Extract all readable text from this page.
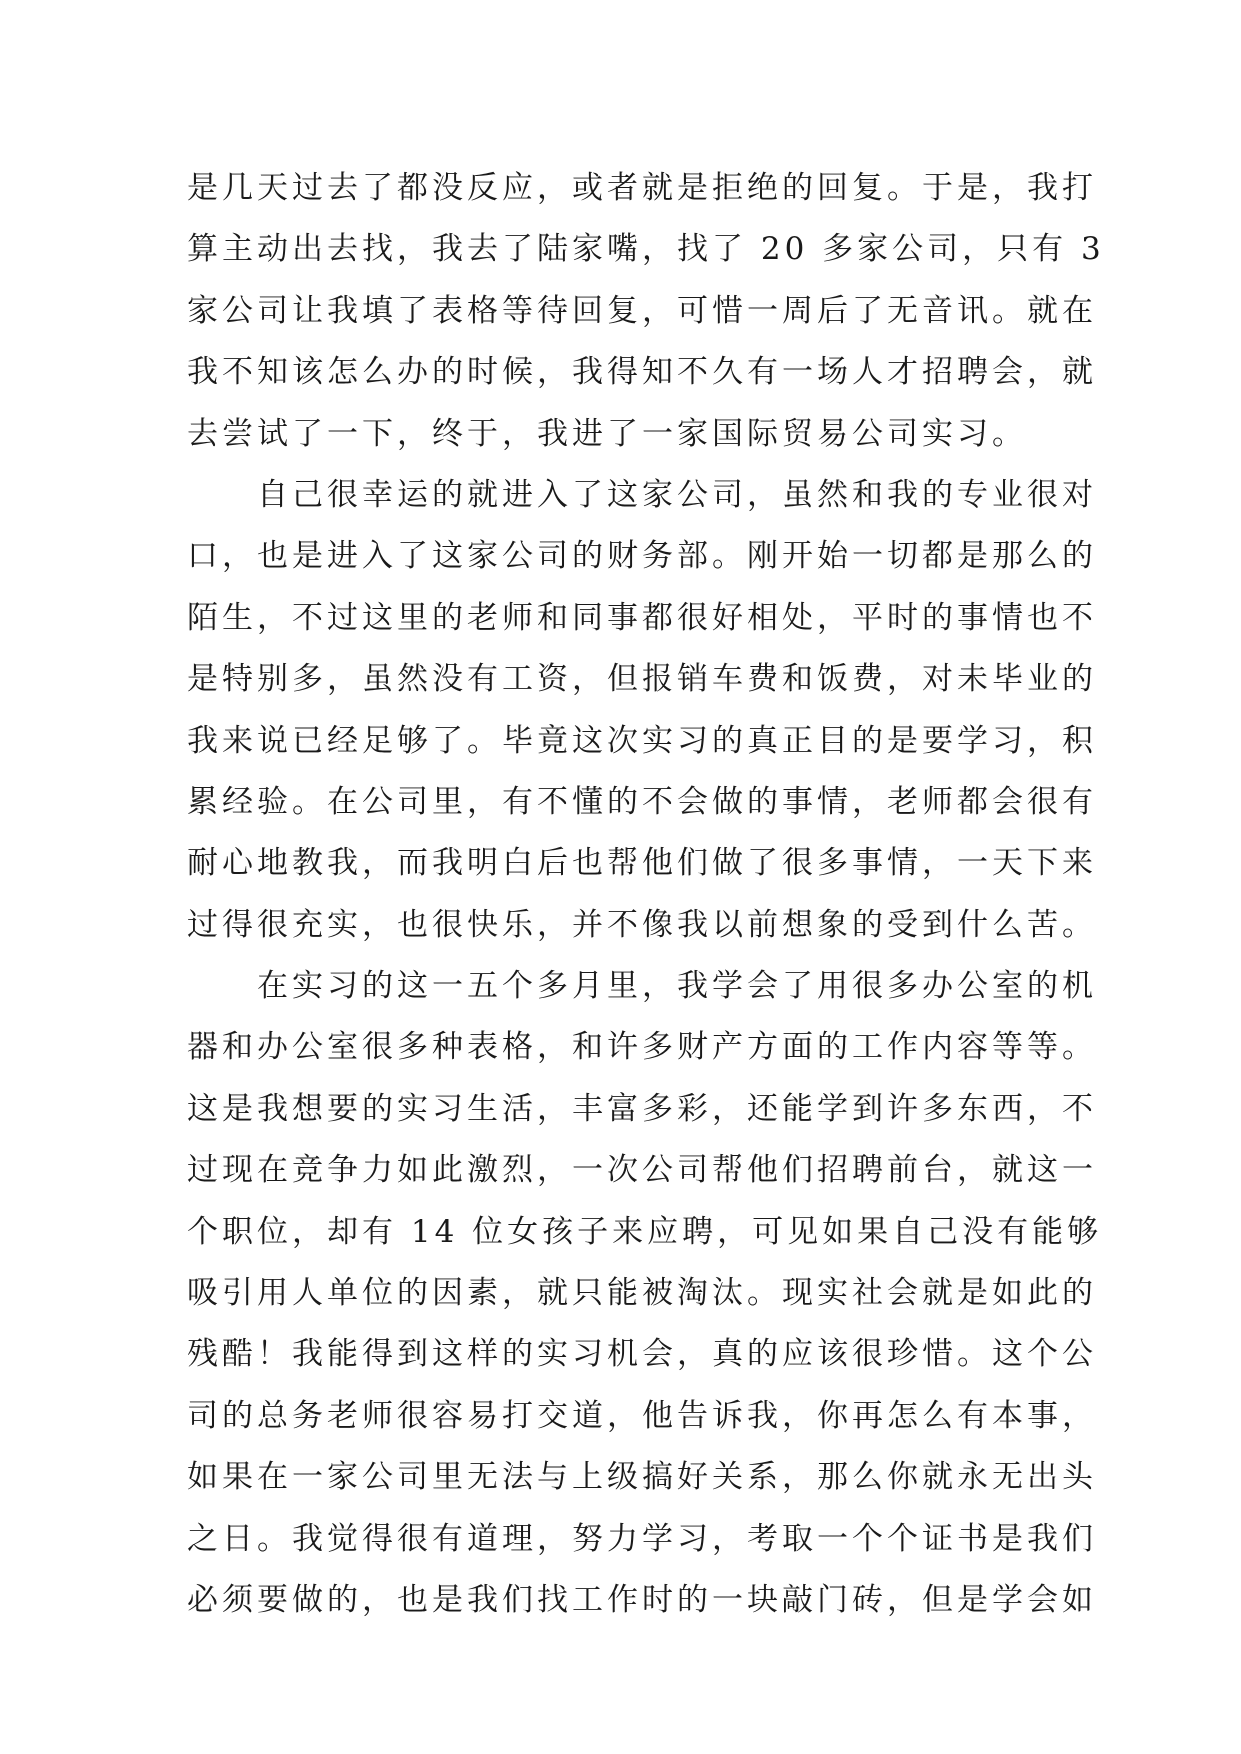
是几天过去了都没反应，或者就是拒绝的回复。于是，我打
算主动出去找，我去了陆家嘴，找了 20 多家公司，只有 3
家公司让我填了表格等待回复，可惜一周后了无音讯。就在
我不知该怎么办的时候，我得知不久有一场人才招聘会，就
去尝试了一下，终于，我进了一家国际贸易公司实习。
　　自己很幸运的就进入了这家公司，虽然和我的专业很对
口，也是进入了这家公司的财务部。刚开始一切都是那么的
陌生，不过这里的老师和同事都很好相处，平时的事情也不
是特别多，虽然没有工资，但报销车费和饭费，对未毕业的
我来说已经足够了。毕竟这次实习的真正目的是要学习，积
累经验。在公司里，有不懂的不会做的事情，老师都会很有
耐心地教我，而我明白后也帮他们做了很多事情，一天下来
过得很充实，也很快乐，并不像我以前想象的受到什么苦。
　　在实习的这一五个多月里，我学会了用很多办公室的机
器和办公室很多种表格，和许多财产方面的工作内容等等。
这是我想要的实习生活，丰富多彩，还能学到许多东西，不
过现在竞争力如此激烈，一次公司帮他们招聘前台，就这一
个职位，却有 14 位女孩子来应聘，可见如果自己没有能够
吸引用人单位的因素，就只能被淘汰。现实社会就是如此的
残酷！我能得到这样的实习机会，真的应该很珍惜。这个公
司的总务老师很容易打交道，他告诉我，你再怎么有本事，
如果在一家公司里无法与上级搞好关系，那么你就永无出头
之日。我觉得很有道理，努力学习，考取一个个证书是我们
必须要做的，也是我们找工作时的一块敲门砖，但是学会如
